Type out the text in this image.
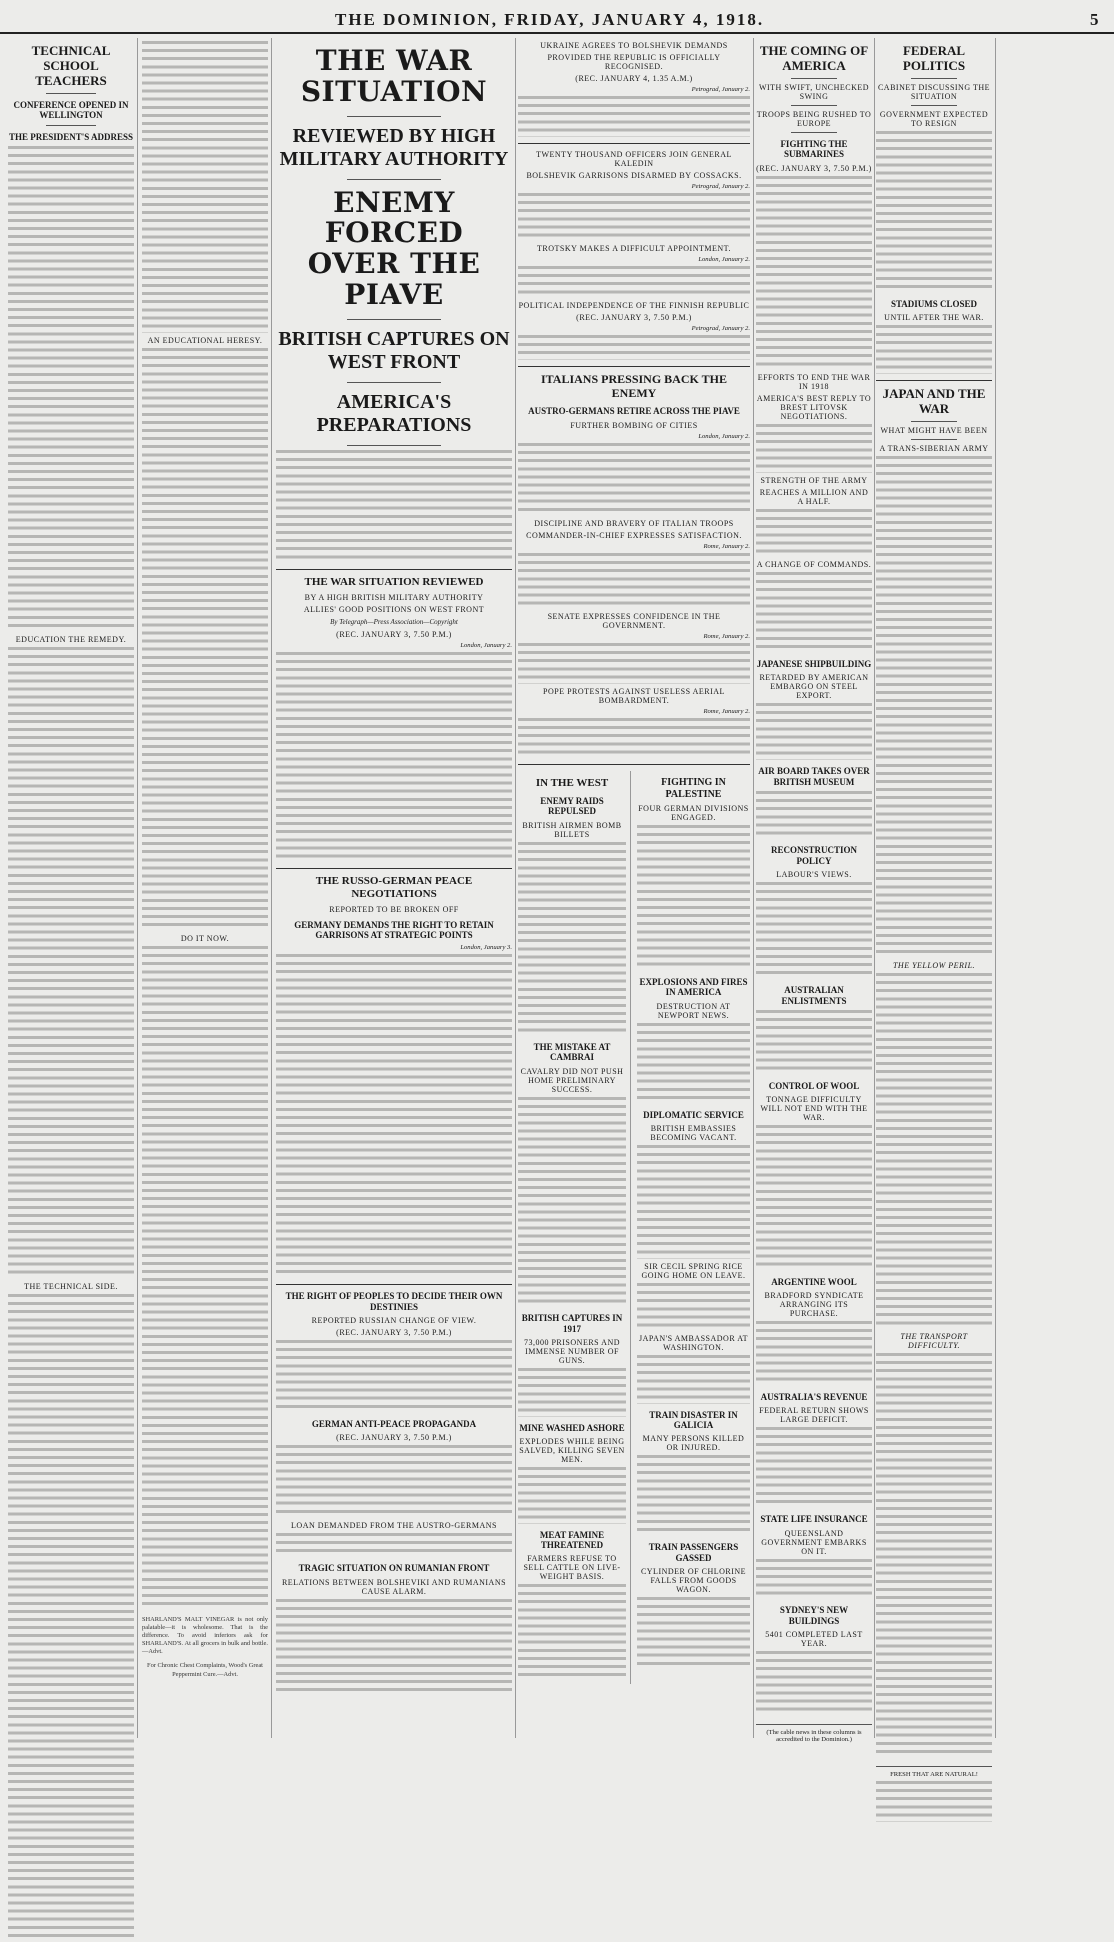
THE DOMINION, FRIDAY, JANUARY 4, 1918.	5
TECHNICAL SCHOOL TEACHERS
CONFERENCE OPENED IN WELLINGTON
THE PRESIDENT'S ADDRESS
EDUCATION THE REMEDY.
THE TECHNICAL SIDE.
AN EDUCATIONAL HERESY.
DO IT NOW.
SHARLAND'S MALT VINEGAR is not only palatable—it is wholesome. That is the difference. To avoid inferiors ask for SHARLAND'S. At all grocers in bulk and bottle.—Advt.
For Chronic Chest Complaints, Wood's Great Peppermint Cure.—Advt.
THE WAR SITUATION
REVIEWED BY HIGH MILITARY AUTHORITY
ENEMY FORCED OVER THE PIAVE
BRITISH CAPTURES ON WEST FRONT
AMERICA'S PREPARATIONS
THE WAR SITUATION REVIEWED
BY A HIGH BRITISH MILITARY AUTHORITY
ALLIES' GOOD POSITIONS ON WEST FRONT
By Telegraph—Press Association—Copyright
(REC. JANUARY 3, 7.50 P.M.)
London, January 2.
THE RUSSO-GERMAN PEACE NEGOTIATIONS
REPORTED TO BE BROKEN OFF
GERMANY DEMANDS THE RIGHT TO RETAIN GARRISONS AT STRATEGIC POINTS
London, January 3.
THE RIGHT OF PEOPLES TO DECIDE THEIR OWN DESTINIES
REPORTED RUSSIAN CHANGE OF VIEW.
(REC. JANUARY 3, 7.50 P.M.)
GERMAN ANTI-PEACE PROPAGANDA
(REC. JANUARY 3, 7.50 P.M.)
LOAN DEMANDED FROM THE AUSTRO-GERMANS
TRAGIC SITUATION ON RUMANIAN FRONT
RELATIONS BETWEEN BOLSHEVIKI AND RUMANIANS CAUSE ALARM.
UKRAINE AGREES TO BOLSHEVIK DEMANDS
PROVIDED THE REPUBLIC IS OFFICIALLY RECOGNISED.
(REC. JANUARY 4, 1.35 A.M.)
Petrograd, January 2.
TWENTY THOUSAND OFFICERS JOIN GENERAL KALEDIN
BOLSHEVIK GARRISONS DISARMED BY COSSACKS.
Petrograd, January 2.
TROTSKY MAKES A DIFFICULT APPOINTMENT.
London, January 2.
POLITICAL INDEPENDENCE OF THE FINNISH REPUBLIC
(REC. JANUARY 3, 7.50 P.M.)
Petrograd, January 2.
ITALIANS PRESSING BACK THE ENEMY
AUSTRO-GERMANS RETIRE ACROSS THE PIAVE
FURTHER BOMBING OF CITIES
London, January 2.
DISCIPLINE AND BRAVERY OF ITALIAN TROOPS
COMMANDER-IN-CHIEF EXPRESSES SATISFACTION.
Rome, January 2.
SENATE EXPRESSES CONFIDENCE IN THE GOVERNMENT.
Rome, January 2.
POPE PROTESTS AGAINST USELESS AERIAL BOMBARDMENT.
Rome, January 2.
IN THE WEST
ENEMY RAIDS REPULSED
BRITISH AIRMEN BOMB BILLETS
THE MISTAKE AT CAMBRAI
CAVALRY DID NOT PUSH HOME PRELIMINARY SUCCESS.
BRITISH CAPTURES IN 1917
73,000 PRISONERS AND IMMENSE NUMBER OF GUNS.
MINE WASHED ASHORE
EXPLODES WHILE BEING SALVED, KILLING SEVEN MEN.
MEAT FAMINE THREATENED
FARMERS REFUSE TO SELL CATTLE ON LIVE-WEIGHT BASIS.
FIGHTING IN PALESTINE
FOUR GERMAN DIVISIONS ENGAGED.
EXPLOSIONS AND FIRES IN AMERICA
DESTRUCTION AT NEWPORT NEWS.
DIPLOMATIC SERVICE
BRITISH EMBASSIES BECOMING VACANT.
SIR CECIL SPRING RICE GOING HOME ON LEAVE.
JAPAN'S AMBASSADOR AT WASHINGTON.
TRAIN DISASTER IN GALICIA
MANY PERSONS KILLED OR INJURED.
TRAIN PASSENGERS GASSED
CYLINDER OF CHLORINE FALLS FROM GOODS WAGON.
THE COMING OF AMERICA
WITH SWIFT, UNCHECKED SWING
TROOPS BEING RUSHED TO EUROPE
FIGHTING THE SUBMARINES
(REC. JANUARY 3, 7.50 P.M.)
EFFORTS TO END THE WAR IN 1918
AMERICA'S BEST REPLY TO BREST LITOVSK NEGOTIATIONS.
STRENGTH OF THE ARMY
REACHES A MILLION AND A HALF.
A CHANGE OF COMMANDS.
JAPANESE SHIPBUILDING
RETARDED BY AMERICAN EMBARGO ON STEEL EXPORT.
AIR BOARD TAKES OVER BRITISH MUSEUM
RECONSTRUCTION POLICY
LABOUR'S VIEWS.
AUSTRALIAN ENLISTMENTS
CONTROL OF WOOL
TONNAGE DIFFICULTY WILL NOT END WITH THE WAR.
ARGENTINE WOOL
BRADFORD SYNDICATE ARRANGING ITS PURCHASE.
AUSTRALIA'S REVENUE
FEDERAL RETURN SHOWS LARGE DEFICIT.
STATE LIFE INSURANCE
QUEENSLAND GOVERNMENT EMBARKS ON IT.
SYDNEY'S NEW BUILDINGS
5401 COMPLETED LAST YEAR.
(The cable news in these columns is accredited to the Dominion.)
FEDERAL POLITICS
CABINET DISCUSSING THE SITUATION
GOVERNMENT EXPECTED TO RESIGN
STADIUMS CLOSED
UNTIL AFTER THE WAR.
JAPAN AND THE WAR
WHAT MIGHT HAVE BEEN
A TRANS-SIBERIAN ARMY
THE YELLOW PERIL.
THE TRANSPORT DIFFICULTY.
FRESH THAT ARE NATURAL!
